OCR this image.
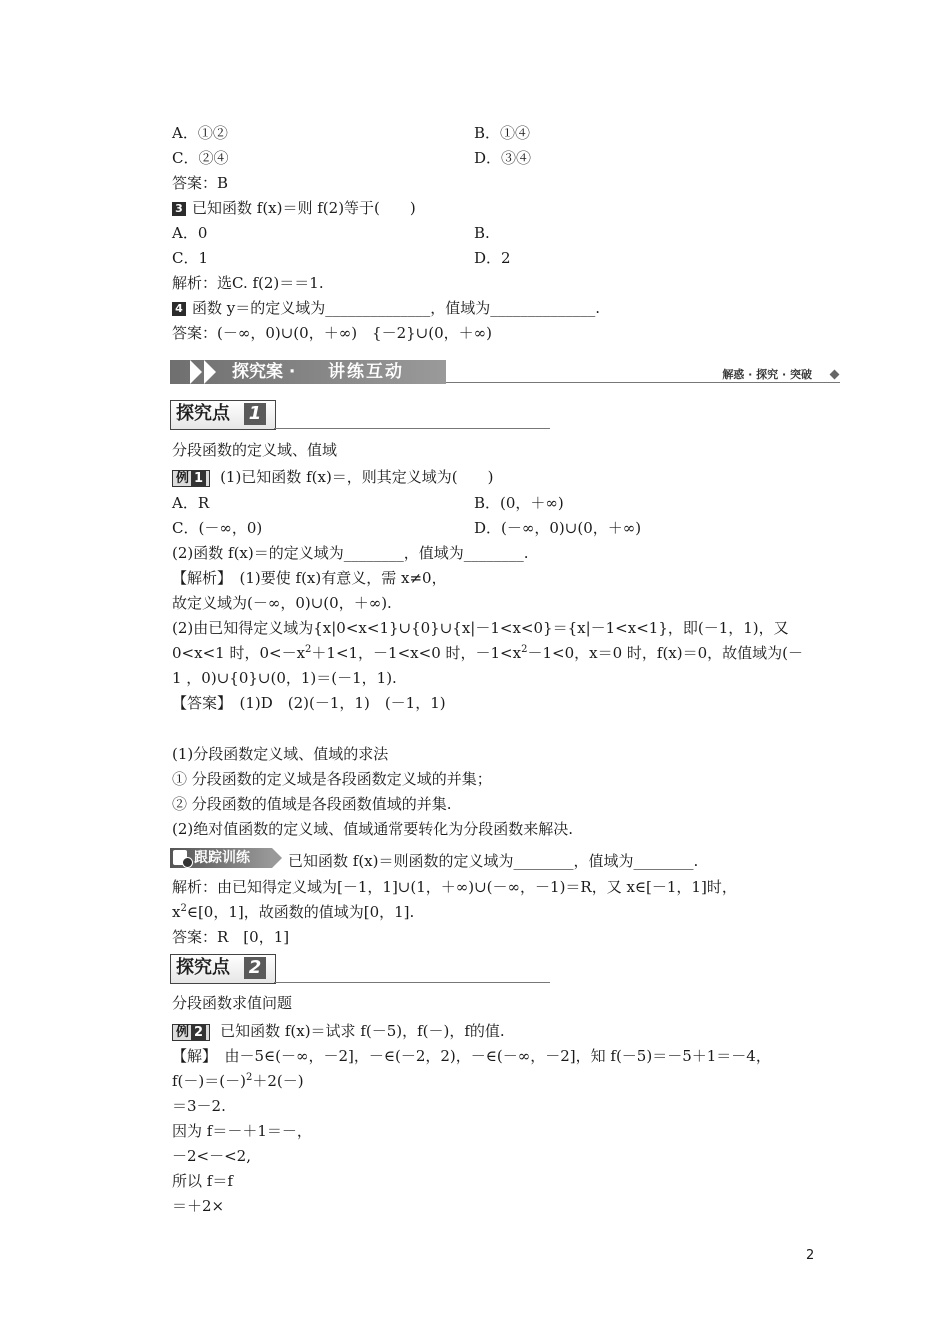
A．①②	B．①④
C．②④	D．③④
答案：B
3 已知函数 f(x)＝则 f(2)等于(　　)
A．0	B.
C．1	D．2
解析：选C. f(2)＝＝1.
4 函数 y＝的定义域为______________，值域为______________.
答案：(－∞，0)∪(0，＋∞)　{－2}∪(0，＋∞)
探究案 · 讲练互动	解惑 · 探究 · 突破
探究点 1
分段函数的定义域、值域
例 1 (1)已知函数 f(x)＝，则其定义域为(　　)
A．R	B．(0，＋∞)
C．(－∞，0)	D．(－∞，0)∪(0，＋∞)
(2)函数 f(x)＝的定义域为________，值域为________.
【解析】　(1)要使 f(x)有意义，需 x≠0，
故定义域为(－∞，0)∪(0，＋∞).
(2)由已知得定义域为{x|0<x<1}∪{0}∪{x|－1<x<0}＝{x|－1<x<1}，即(－1，1)，又
0<x<1 时，$0<-x^2+1<1$，－1<x<0 时，$-1<x^2-1<0$，x＝0 时，f(x)＝0，故值域为(－
1 ，0)∪{0}∪(0，1)＝(－1，1).
【答案】　(1)D　(2)(－1，1)　(－1，1)
(1)分段函数定义域、值域的求法
① 分段函数的定义域是各段函数定义域的并集；
② 分段函数的值域是各段函数值域的并集.
(2)绝对值函数的定义域、值域通常要转化为分段函数来解决.
跟踪训练	已知函数 f(x)＝则函数的定义域为________，值域为________.
解析：由已知得定义域为[－1，1]∪(1，＋∞)∪(－∞，－1)＝R，又 x∈[－1，1]时，
$x^2\in[0$，1]，故函数的值域为[0，1].
答案：R　[0，1]
探究点 2
分段函数求值问题
例 2 已知函数 f(x)＝试求 f(－5)，f(－)，f的值.
【解】　由－5∈(－∞，－2]，－∈(－2，2)，－∈(－∞，－2]，知 f(－5)＝－5＋1＝－4，
$f(-)=(-)^2+2(-)$
＝3－2.
因为 f＝－＋1＝－，
－2<－<2,
所以 f＝f
＝＋2×
2
